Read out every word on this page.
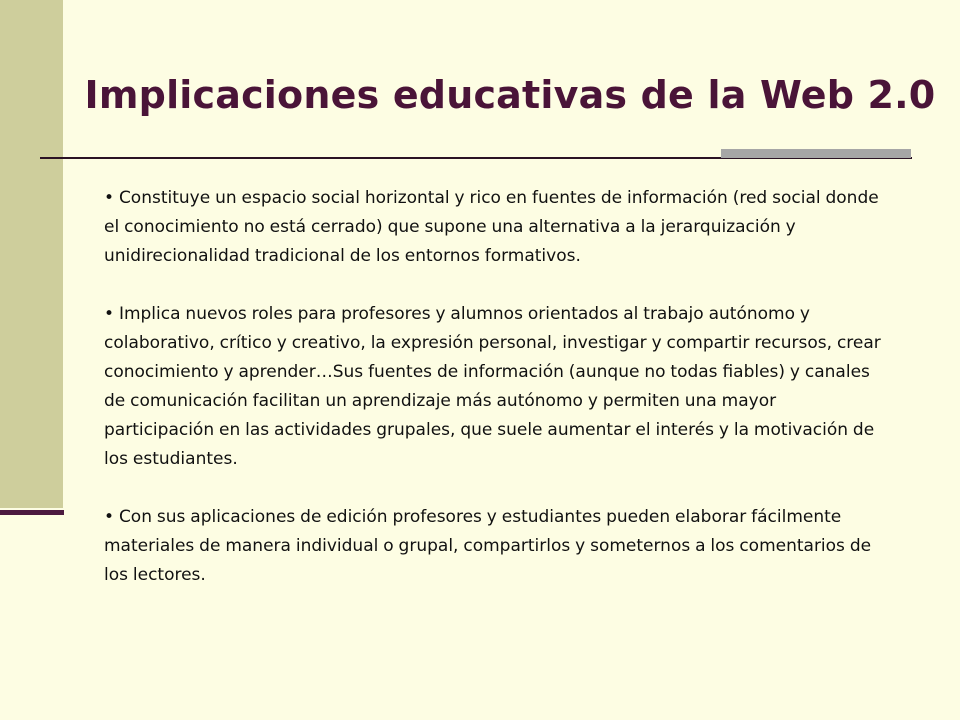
Implicaciones educativas de la Web 2.0

• Constituye un espacio social horizontal y rico en fuentes de información (red social donde el conocimiento no está cerrado) que supone una alternativa a la jerarquización y unidirecionalidad tradicional de los entornos formativos.

• Implica nuevos roles para profesores y alumnos orientados al trabajo autónomo y colaborativo, crítico y creativo, la expresión personal, investigar y compartir recursos, crear conocimiento y aprender…Sus fuentes de información (aunque no todas fiables) y canales de comunicación facilitan un aprendizaje más autónomo y permiten una mayor participación en las actividades grupales, que suele aumentar el interés y la motivación de los estudiantes.

• Con sus aplicaciones de edición profesores y estudiantes pueden elaborar fácilmente materiales de manera individual o grupal, compartirlos y someternos a los comentarios de los lectores.
